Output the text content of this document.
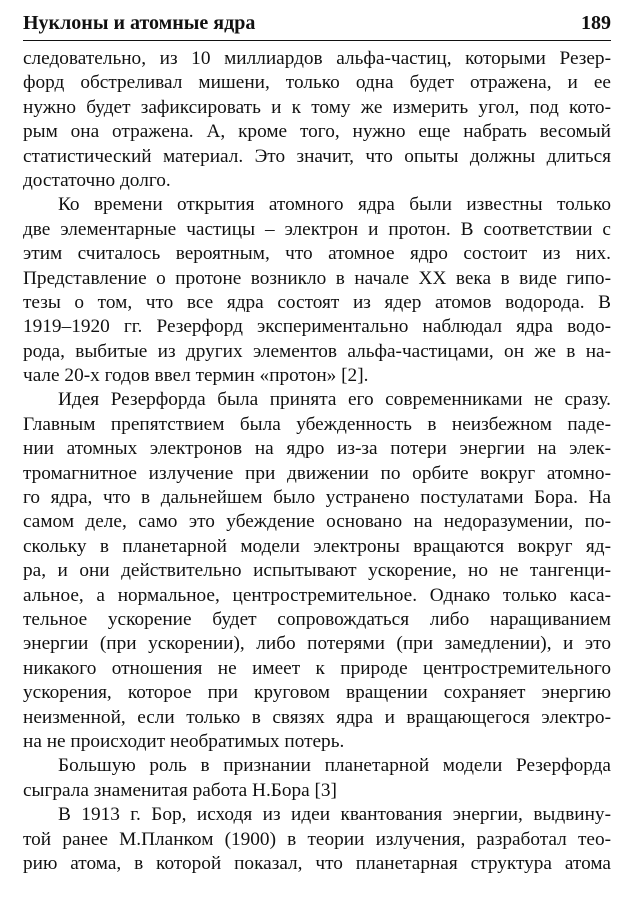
Нуклоны и атомные ядра	189
следовательно, из 10 миллиардов альфа-частиц, которыми Резер-
форд обстреливал мишени, только одна будет отражена, и ее
нужно будет зафиксировать и к тому же измерить угол, под кото-
рым она отражена. А, кроме того, нужно еще набрать весомый
статистический материал. Это значит, что опыты должны длиться
достаточно долго.
Ко времени открытия атомного ядра были известны только
две элементарные частицы – электрон и протон. В соответствии с
этим считалось вероятным, что атомное ядро состоит из них.
Представление о протоне возникло в начале XX века в виде гипо-
тезы о том, что все ядра состоят из ядер атомов водорода. В
1919–1920 гг. Резерфорд экспериментально наблюдал ядра водо-
рода, выбитые из других элементов альфа-частицами, он же в на-
чале 20-х годов ввел термин «протон» [2].
Идея Резерфорда была принята его современниками не сразу.
Главным препятствием была убежденность в неизбежном паде-
нии атомных электронов на ядро из-за потери энергии на элек-
тромагнитное излучение при движении по орбите вокруг атомно-
го ядра, что в дальнейшем было устранено постулатами Бора. На
самом деле, само это убеждение основано на недоразумении, по-
скольку в планетарной модели электроны вращаются вокруг яд-
ра, и они действительно испытывают ускорение, но не тангенци-
альное, а нормальное, центростремительное. Однако только каса-
тельное ускорение будет сопровождаться либо наращиванием
энергии (при ускорении), либо потерями (при замедлении), и это
никакого отношения не имеет к природе центростремительного
ускорения, которое при круговом вращении сохраняет энергию
неизменной, если только в связях ядра и вращающегося электро-
на не происходит необратимых потерь.
Большую роль в признании планетарной модели Резерфорда
сыграла знаменитая работа Н.Бора [3]
В 1913 г. Бор, исходя из идеи квантования энергии, выдвину-
той ранее М.Планком (1900) в теории излучения, разработал тео-
рию атома, в которой показал, что планетарная структура атома
